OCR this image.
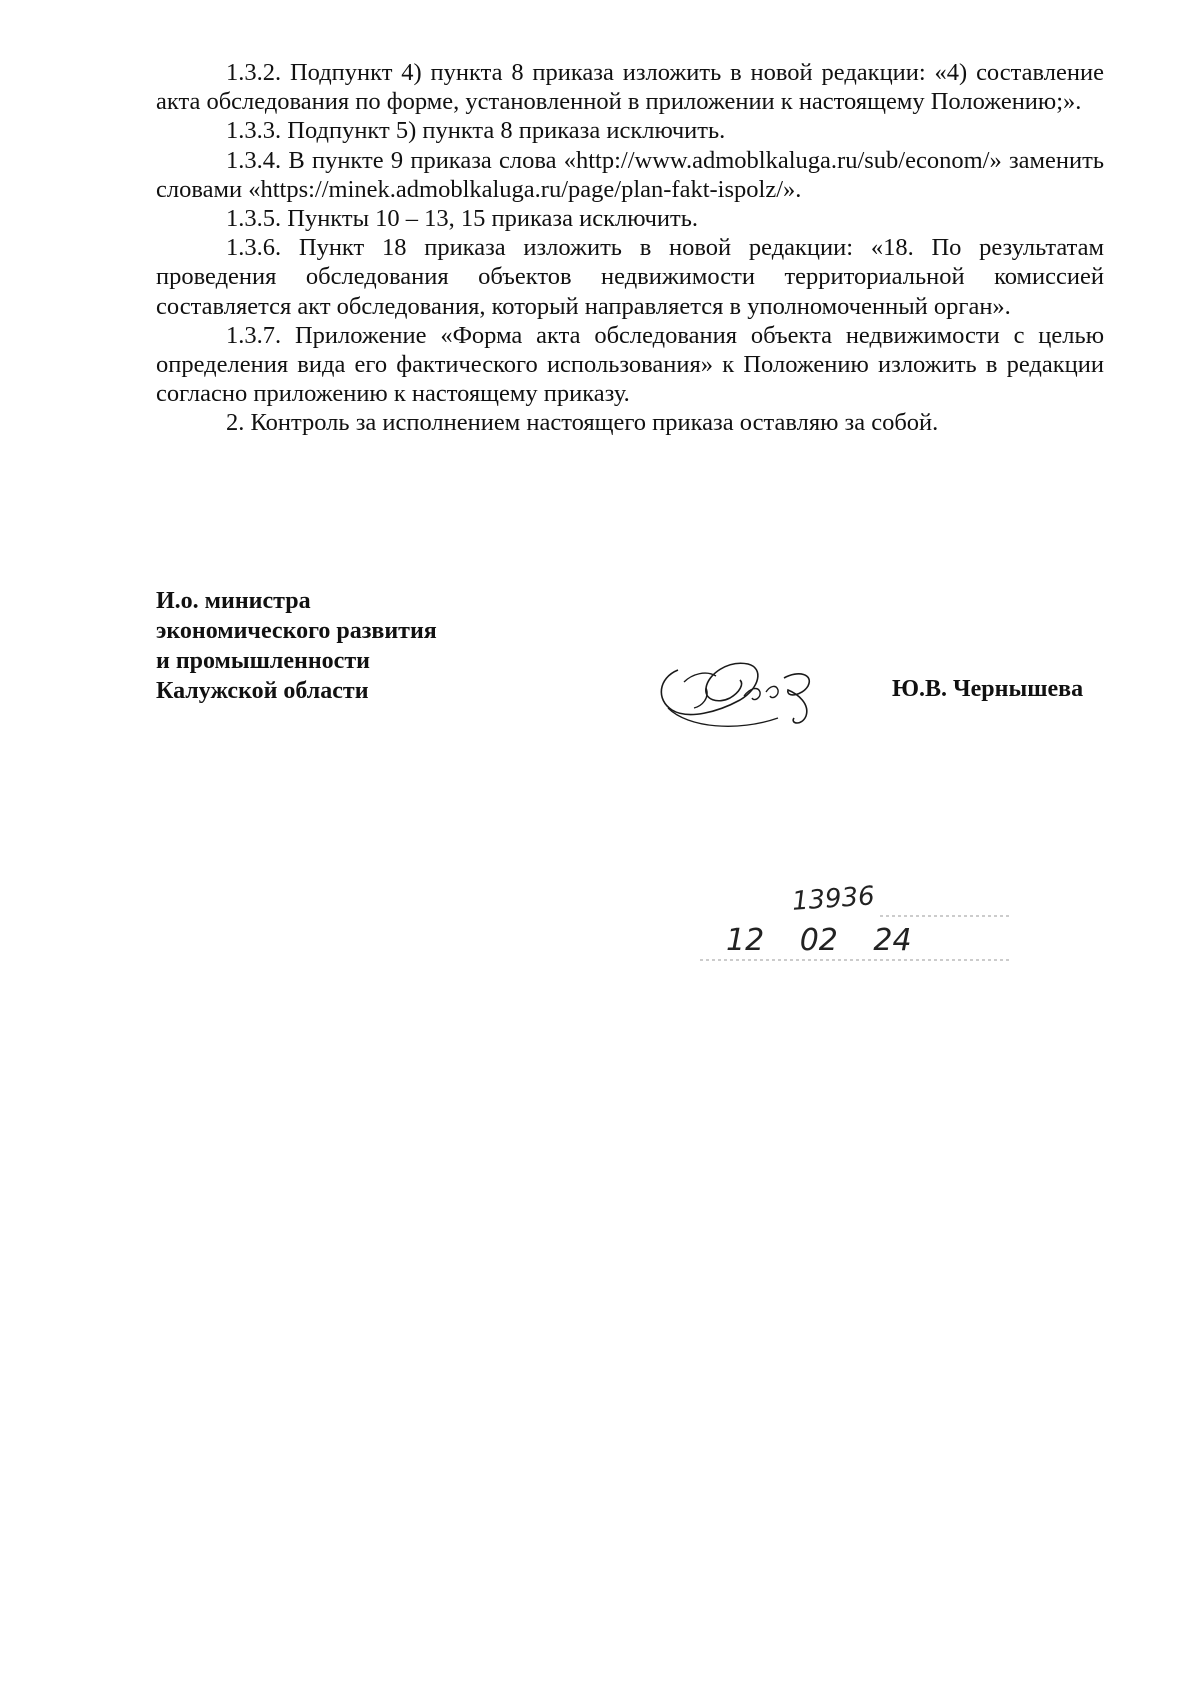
1.3.2. Подпункт 4) пункта 8 приказа изложить в новой редакции: «4) составление акта обследования по форме, установленной в приложении к настоящему Положению;».

1.3.3. Подпункт 5) пункта 8 приказа исключить.

1.3.4. В пункте 9 приказа слова «http://www.admoblkaluga.ru/sub/econom/» заменить словами «https://minek.admoblkaluga.ru/page/plan-fakt-ispolz/».

1.3.5. Пункты 10 – 13, 15 приказа исключить.

1.3.6. Пункт 18 приказа изложить в новой редакции: «18. По результатам проведения обследования объектов недвижимости территориальной комиссией составляется акт обследования, который направляется в уполномоченный орган».

1.3.7. Приложение «Форма акта обследования объекта недвижимости с целью определения вида его фактического использования» к Положению изложить в редакции согласно приложению к настоящему приказу.

2. Контроль за исполнением настоящего приказа оставляю за собой.

И.о. министра
экономического развития
и промышленности
Калужской области	Ю.В. Чернышева
13936
12 02 24
